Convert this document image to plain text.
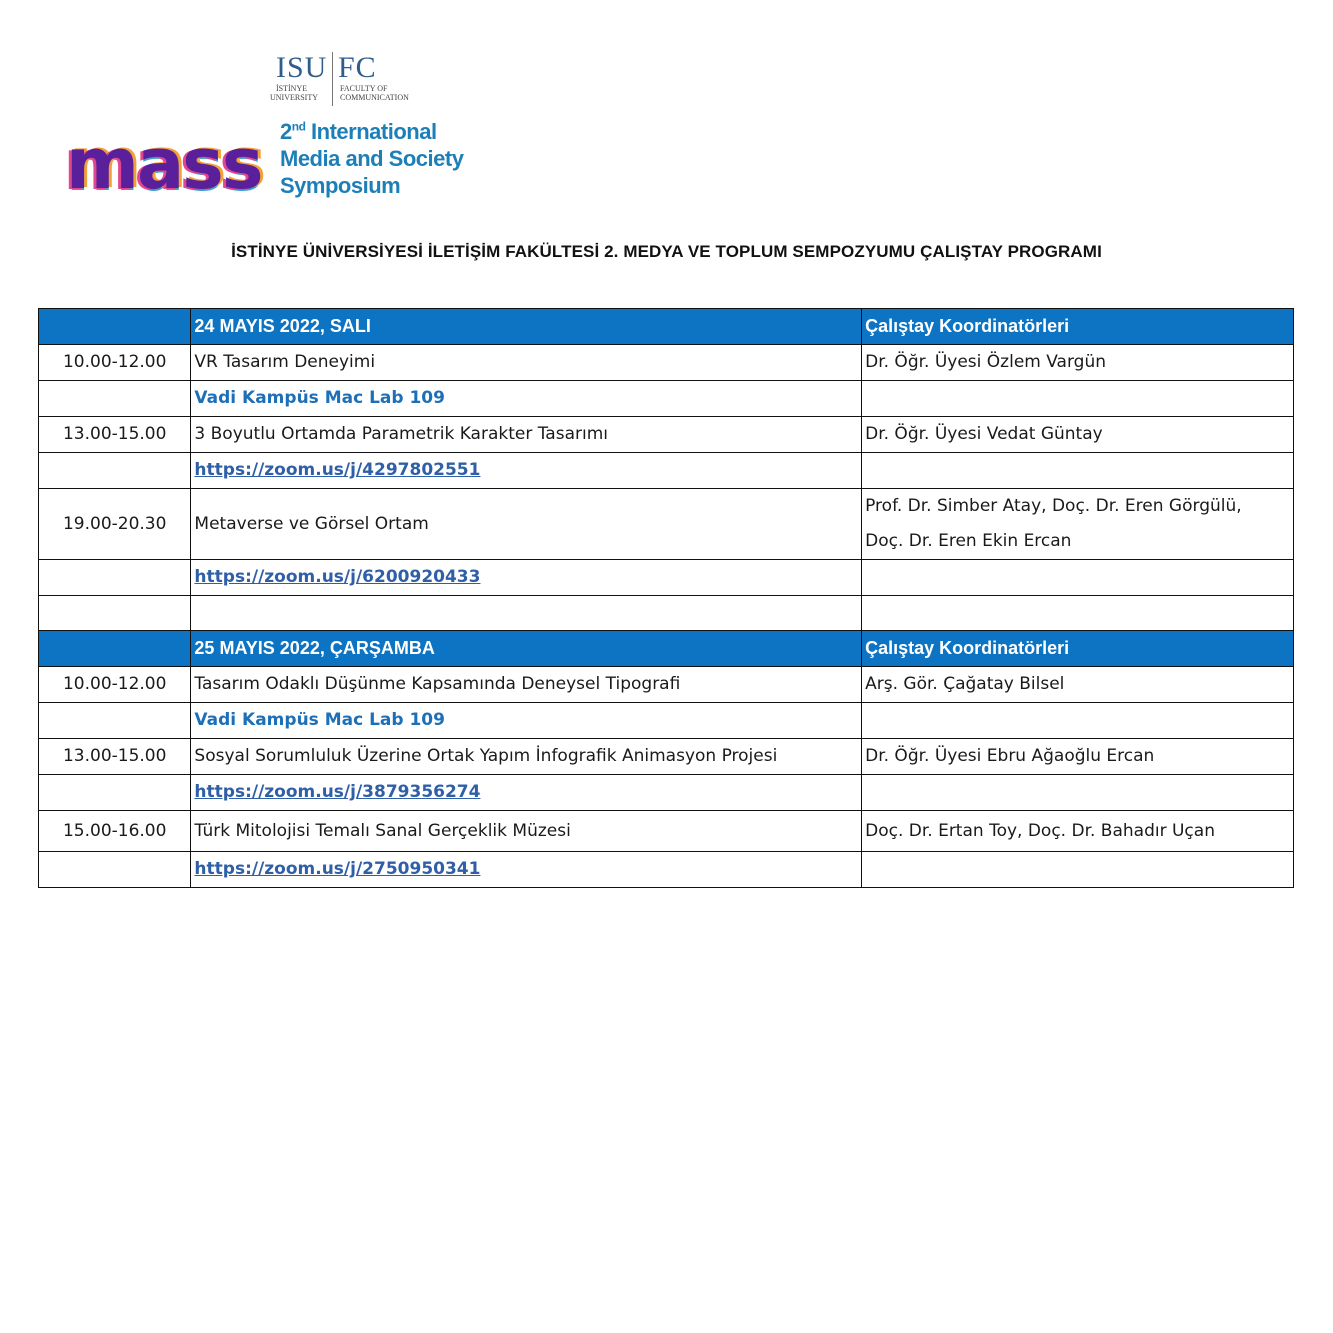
ISU FC
İSTİNYE
UNIVERSITY
FACULTY OF
COMMUNICATION
mass 2nd International
Media and Society
Symposium
İSTİNYE ÜNİVERSİYESİ İLETİŞİM FAKÜLTESİ 2. MEDYA VE TOPLUM SEMPOZYUMU ÇALIŞTAY PROGRAMI
	24 MAYIS 2022, SALI	Çalıştay Koordinatörleri
10.00-12.00	VR Tasarım Deneyimi	Dr. Öğr. Üyesi Özlem Vargün
	Vadi Kampüs Mac Lab 109	
13.00-15.00	3 Boyutlu Ortamda Parametrik Karakter Tasarımı	Dr. Öğr. Üyesi Vedat Güntay
	https://zoom.us/j/4297802551	
19.00-20.30	Metaverse ve Görsel Ortam	Prof. Dr. Simber Atay, Doç. Dr. Eren Görgülü,
Doç. Dr. Eren Ekin Ercan

	https://zoom.us/j/6200920433	

	25 MAYIS 2022, ÇARŞAMBA	Çalıştay Koordinatörleri
10.00-12.00	Tasarım Odaklı Düşünme Kapsamında Deneysel Tipografi	Arş. Gör. Çağatay Bilsel
	Vadi Kampüs Mac Lab 109	
13.00-15.00	Sosyal Sorumluluk Üzerine Ortak Yapım İnfografik Animasyon Projesi	Dr. Öğr. Üyesi Ebru Ağaoğlu Ercan
	https://zoom.us/j/3879356274	
15.00-16.00	Türk Mitolojisi Temalı Sanal Gerçeklik Müzesi	Doç. Dr. Ertan Toy, Doç. Dr. Bahadır Uçan
	https://zoom.us/j/2750950341	
